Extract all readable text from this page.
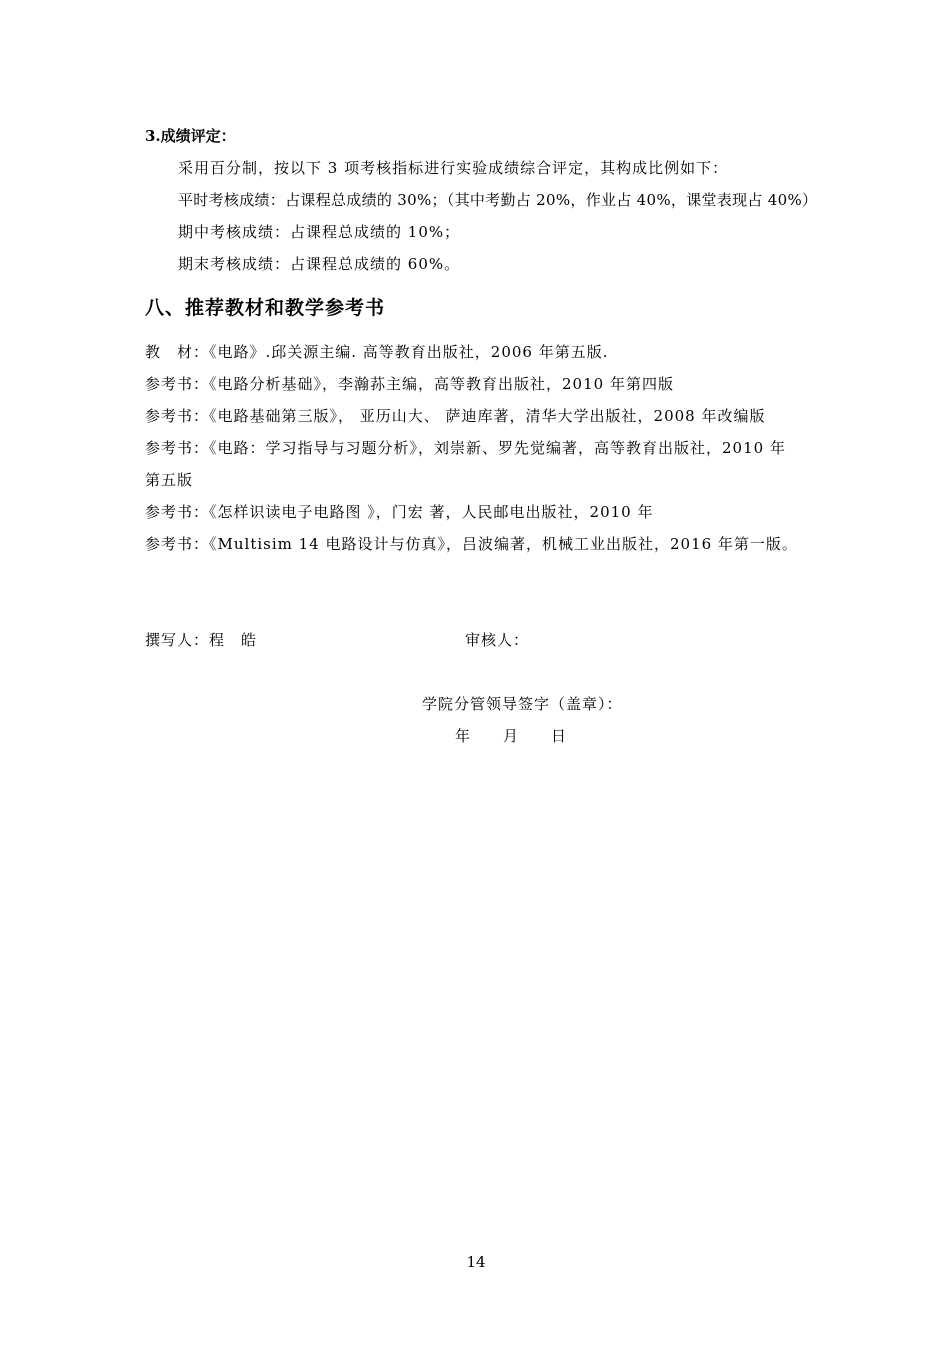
3.成绩评定：
采用百分制，按以下 3 项考核指标进行实验成绩综合评定，其构成比例如下：
平时考核成绩：占课程总成绩的 30%；（其中考勤占 20%，作业占 40%，课堂表现占 40%）
期中考核成绩：占课程总成绩的 10%；
期末考核成绩：占课程总成绩的 60%。
八、推荐教材和教学参考书
教　材：《电路》.邱关源主编. 高等教育出版社，2006 年第五版.
参考书：《电路分析基础》，李瀚荪主编，高等教育出版社，2010 年第四版
参考书：《电路基础第三版》， 亚历山大、 萨迪库著，清华大学出版社，2008 年改编版
参考书：《电路：学习指导与习题分析》，刘崇新、罗先觉编著，高等教育出版社，2010 年
第五版
参考书：《怎样识读电子电路图 》，门宏 著，人民邮电出版社，2010 年
参考书：《Multisim 14 电路设计与仿真》，吕波编著，机械工业出版社，2016 年第一版。
撰写人：程　皓	审核人：
学院分管领导签字（盖章）：
年　　月　　日
14
